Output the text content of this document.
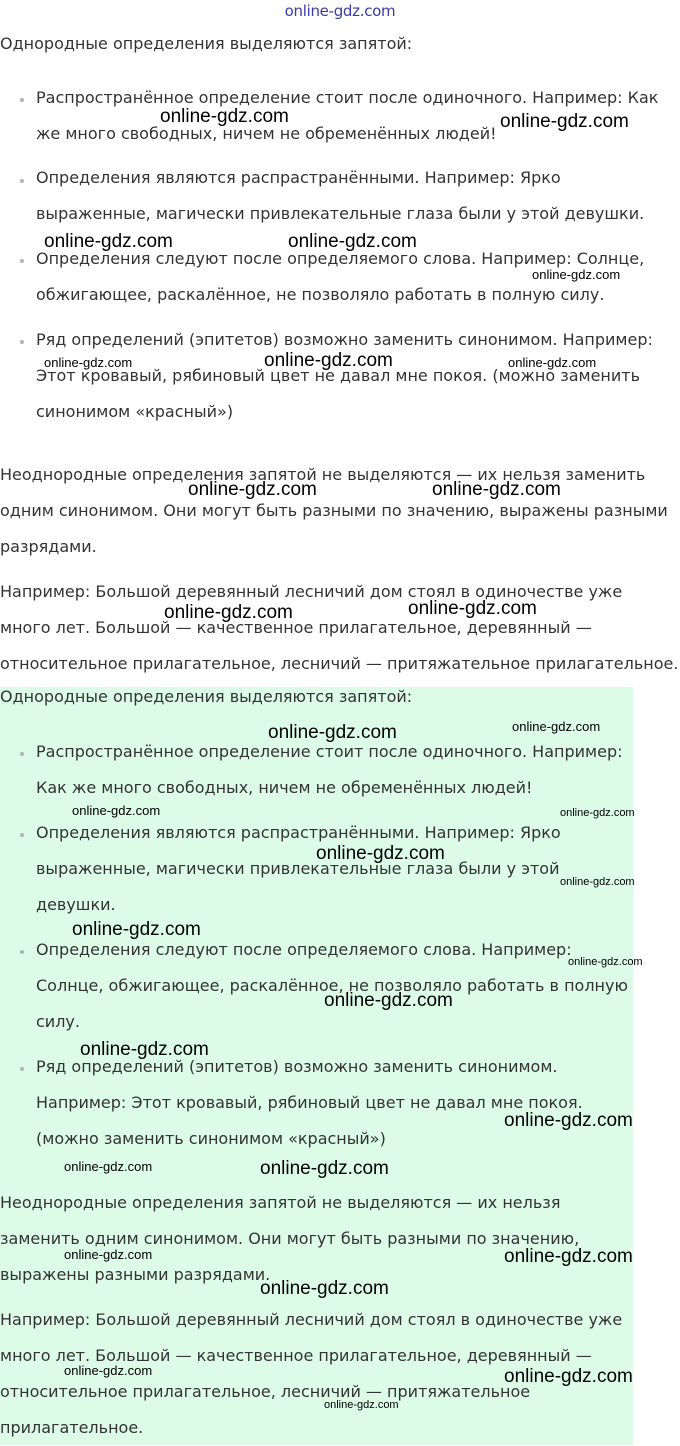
online-gdz.com

Однородные определения выделяются запятой:

Распространённое определение стоит после одиночного. Например: Как
же много свободных, ничем не обременённых людей!
Определения являются распрастранёнными. Например: Ярко
выраженные, магически привлекательные глаза были у этой девушки.
Определения следуют после определяемого слова. Например: Солнце,
обжигающее, раскалённое, не позволяло работать в полную силу.
Ряд определений (эпитетов) возможно заменить синонимом. Например:
Этот кровавый, рябиновый цвет не давал мне покоя. (можно заменить
синонимом «красный»)
Неоднородные определения запятой не выделяются — их нельзя заменить
одним синонимом. Они могут быть разными по значению, выражены разными
разрядами.
Например: Большой деревянный лесничий дом стоял в одиночестве уже
много лет. Большой — качественное прилагательное, деревянный —
относительное прилагательное, лесничий — притяжательное прилагательное.

Однородные определения выделяются запятой:

Распространённое определение стоит после одиночного. Например:
Как же много свободных, ничем не обременённых людей!
Определения являются распрастранёнными. Например: Ярко
выраженные, магически привлекательные глаза были у этой
девушки.
Определения следуют после определяемого слова. Например:
Солнце, обжигающее, раскалённое, не позволяло работать в полную
силу.
Ряд определений (эпитетов) возможно заменить синонимом.
Например: Этот кровавый, рябиновый цвет не давал мне покоя.
(можно заменить синонимом «красный»)
Неоднородные определения запятой не выделяются — их нельзя
заменить одним синонимом. Они могут быть разными по значению,
выражены разными разрядами.
Например: Большой деревянный лесничий дом стоял в одиночестве уже
много лет. Большой — качественное прилагательное, деревянный —
относительное прилагательное, лесничий — притяжательное
прилагательное.
online-gdz.com	online-gdz.com
online-gdz.com	online-gdz.com
online-gdz.com
online-gdz.com	online-gdz.com	online-gdz.com
online-gdz.com	online-gdz.com
online-gdz.com	online-gdz.com
online-gdz.com	online-gdz.com
online-gdz.com	online-gdz.com
online-gdz.com
online-gdz.com
online-gdz.com
online-gdz.com
online-gdz.com
online-gdz.com
online-gdz.com
online-gdz.com	online-gdz.com
online-gdz.com	online-gdz.com
online-gdz.com
online-gdz.com	online-gdz.com
online-gdz.com
